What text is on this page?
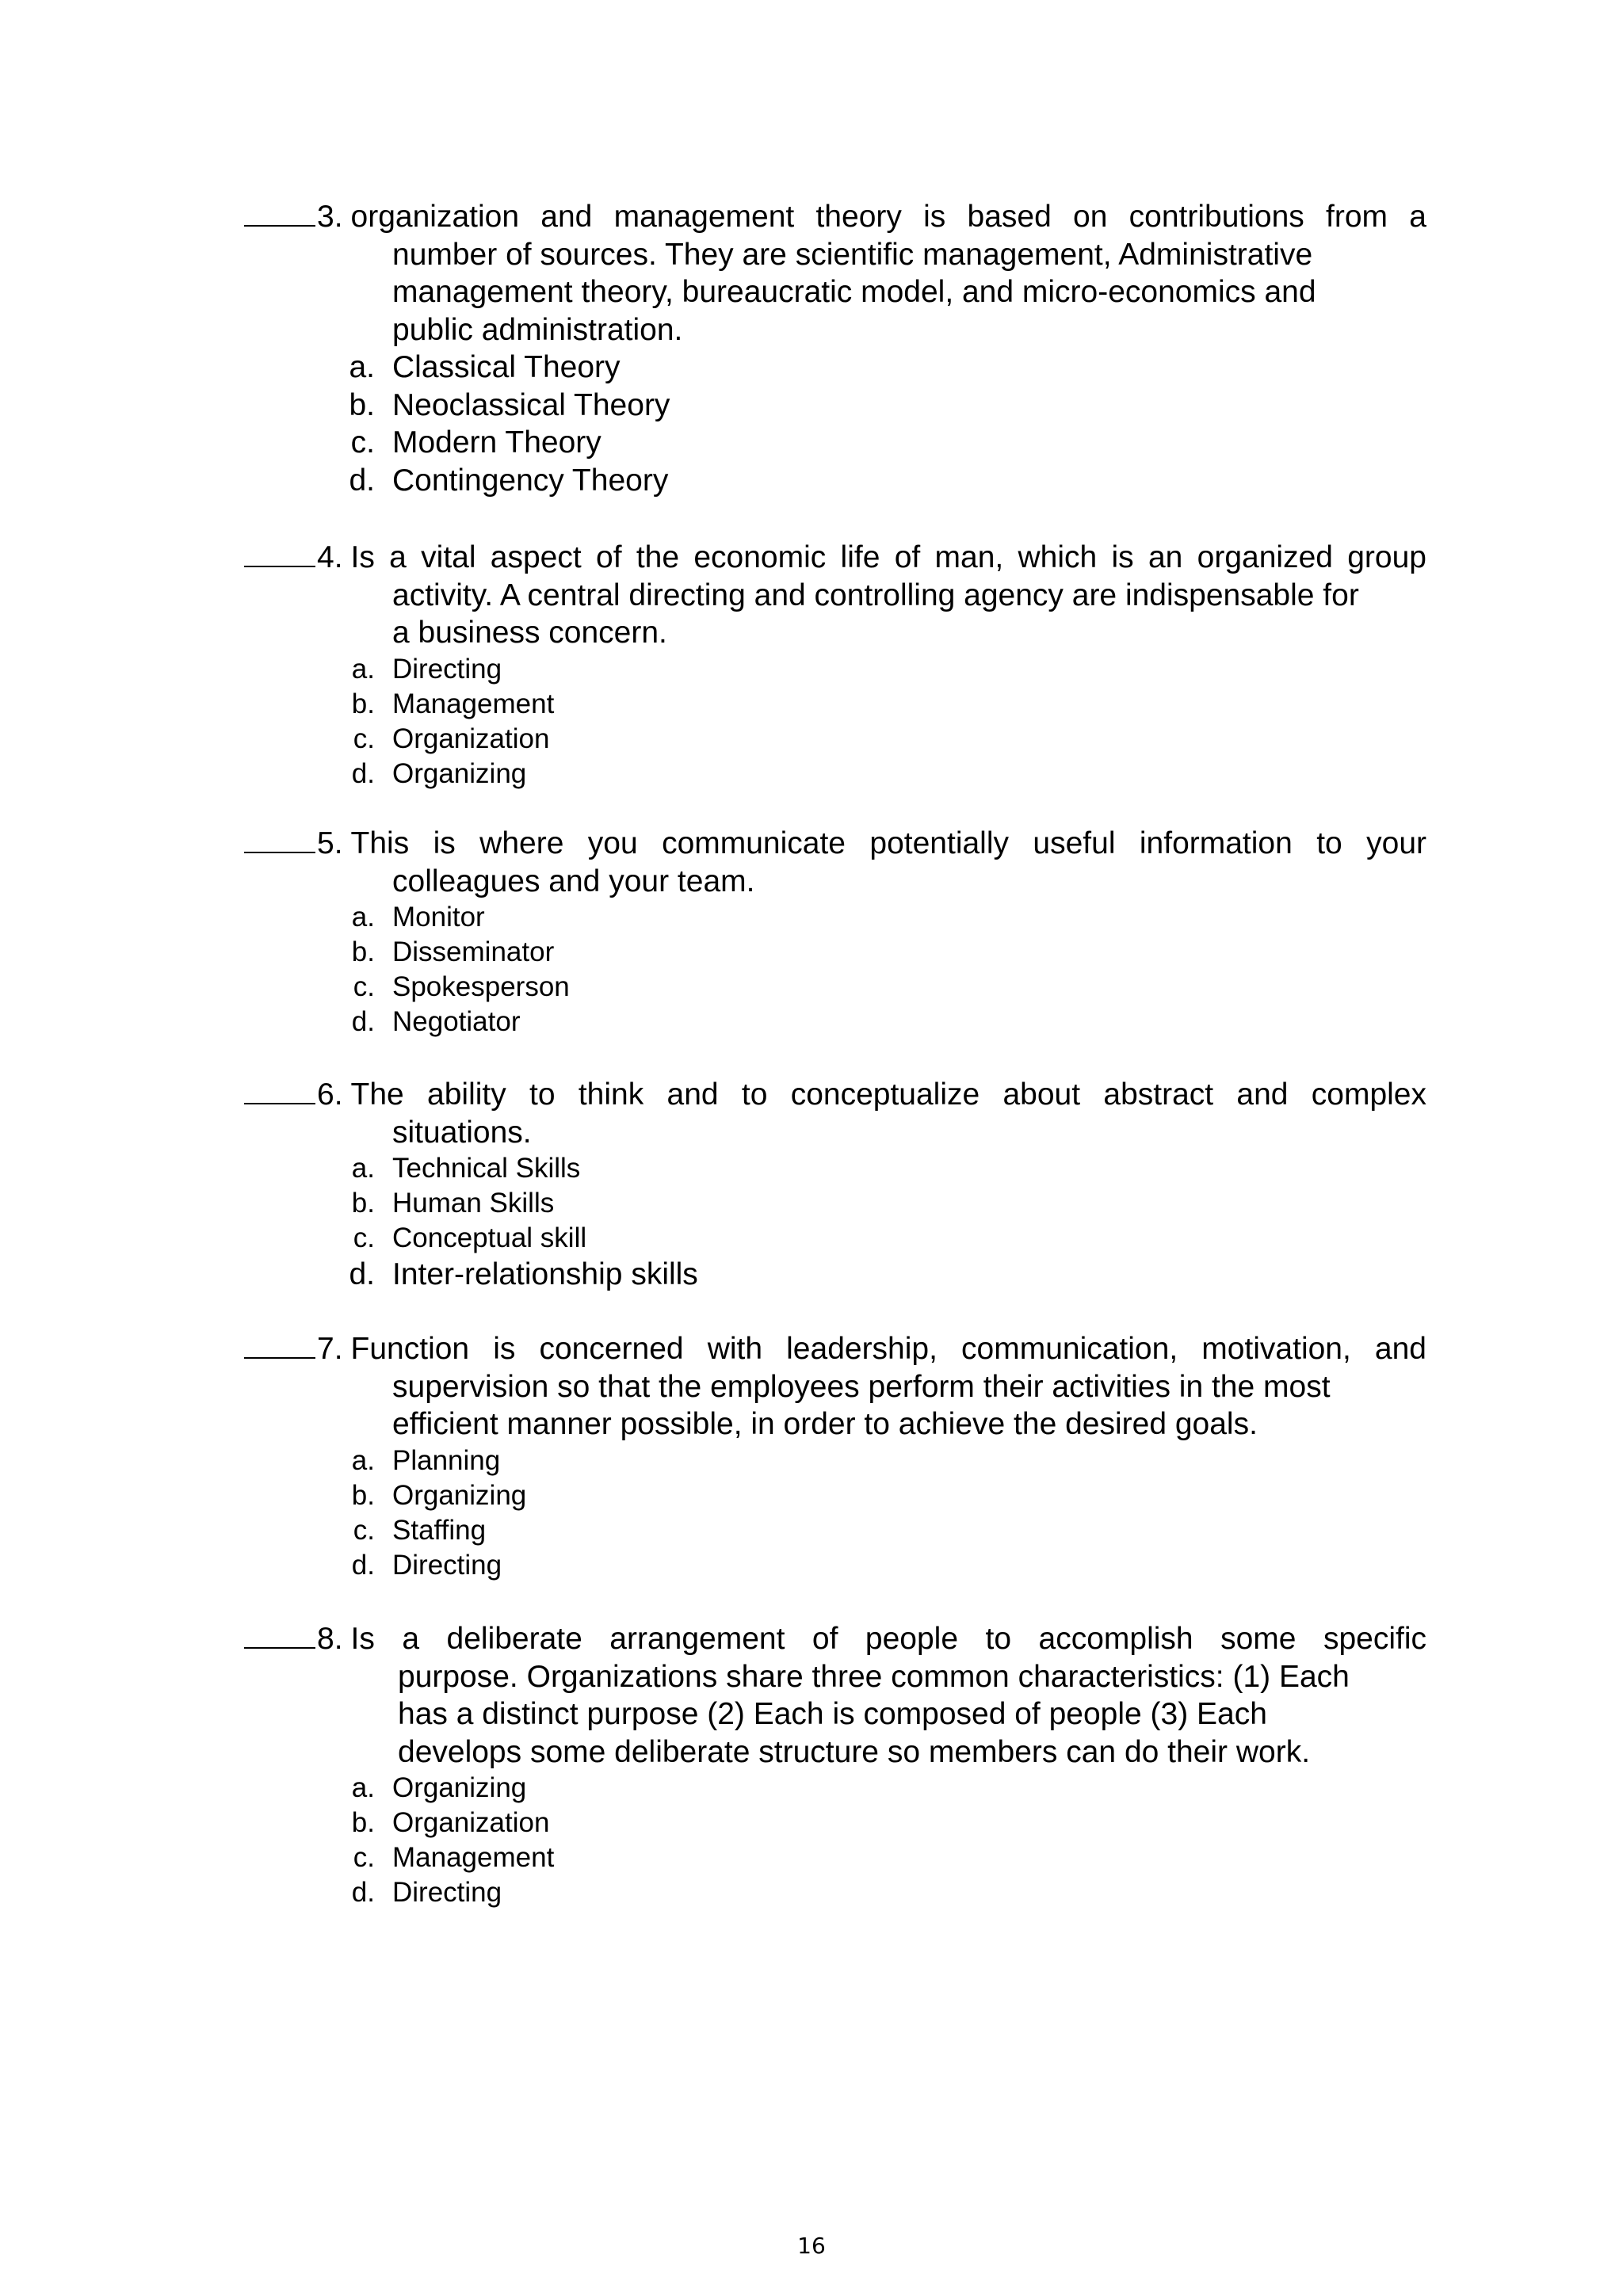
3. organization and management theory is based on contributions from a
number of sources. They are scientific management, Administrative
management theory, bureaucratic model, and micro-economics and
public administration.
a. Classical Theory
b. Neoclassical Theory
c. Modern Theory
d. Contingency Theory
4. Is a vital aspect of the economic life of man, which is an organized group
activity. A central directing and controlling agency are indispensable for
a business concern.
a. Directing
b. Management
c. Organization
d. Organizing
5. This is where you communicate potentially useful information to your
colleagues and your team.
a. Monitor
b. Disseminator
c. Spokesperson
d. Negotiator
6. The ability to think and to conceptualize about abstract and complex
situations.
a. Technical Skills
b. Human Skills
c. Conceptual skill
d. Inter-relationship skills
7. Function is concerned with leadership, communication, motivation, and
supervision so that the employees perform their activities in the most
efficient manner possible, in order to achieve the desired goals.
a. Planning
b. Organizing
c. Staffing
d. Directing
8. Is a deliberate arrangement of people to accomplish some specific
purpose. Organizations share three common characteristics: (1) Each
has a distinct purpose (2) Each is composed of people (3) Each
develops some deliberate structure so members can do their work.
a. Organizing
b. Organization
c. Management
d. Directing
16
